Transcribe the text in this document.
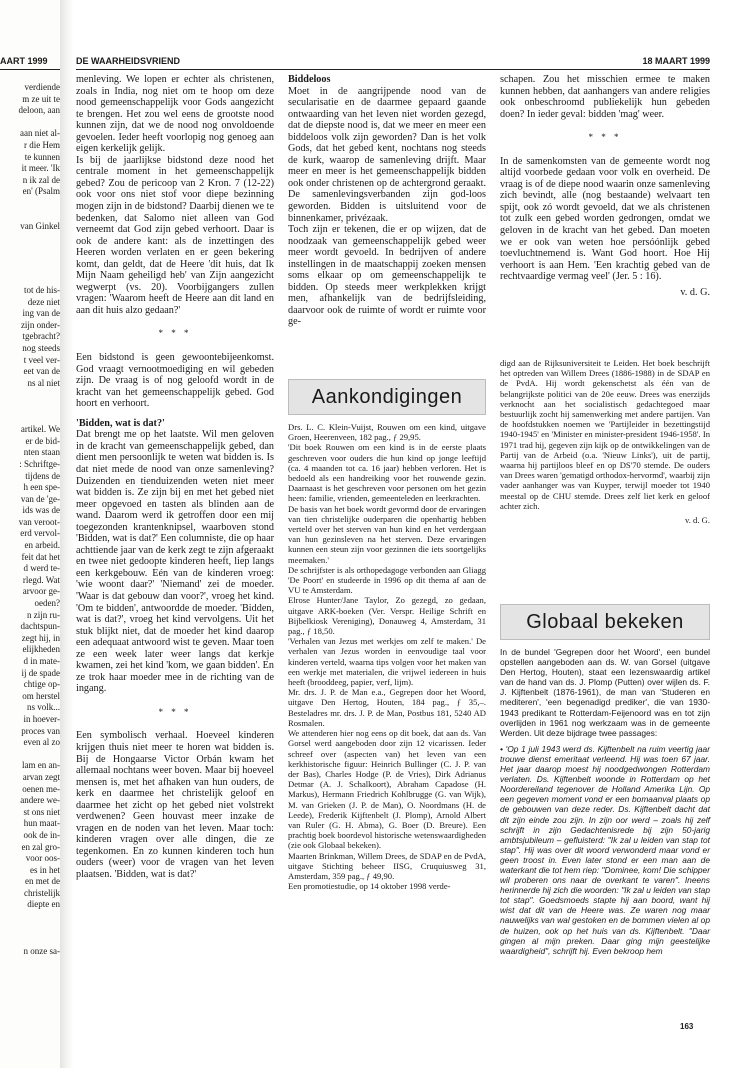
AART 1999
verdiende
m ze uit te
deloon, aan

aan niet al-
r die Hem
te kunnen
it meer. 'Ik
n ik zal de
en' (Psalm

van Ginkel
tot de his-
deze niet
ing van de
zijn onder-
tgebracht?
nog steeds
t veel ver-
eet van de
ns al niet

artikel. We
er de bid-
nten staan
: Schriftge-
tijdens de
h een spe-
van de 'ge-
ids was de
van veroot-
erd vervol-
en arbeid.
feit dat het
d werd te-
rlegd. Wat
arvoor ge-
oeden?
n zijn ru-
dachtspun-
zegt hij, in
elijkheden
d in mate-
ij de spade
chtige op-
om herstel
ns volk...
in hoever-
proces van
even al zo

lam en an-
arvan zegt
oenen me-
andere we-
st ons niet
hun maat-
ook de in-
en zal gro-
voor oos-
es in het
en met de
christelijk
diepte en

n onze sa-
DE WAARHEIDSVRIEND	18 MAART 1999

menleving. We lopen er echter als christenen, zoals in India, nog niet om te hoop om deze nood gemeenschappelijk voor Gods aangezicht te brengen. Het zou wel eens de grootste nood kunnen zijn, dat we de nood nog onvoldoende gevoelen. Ieder heeft voorlopig nog genoeg aan eigen kerkelijk gelijk.

Is bij de jaarlijkse bidstond deze nood het centrale moment in het gemeenschappelijk gebed? Zou de pericoop van 2 Kron. 7 (12-22) ook voor ons niet stof voor diepe bezinning mogen zijn in de bidstond? Daarbij dienen we te bedenken, dat Salomo niet alleen van God verneemt dat God zijn gebed verhoort. Daar is ook de andere kant: als de inzettingen des Heeren worden verlaten en er geen bekering komt, dan geldt, dat de Heere 'dit huis, dat Ik Mijn Naam geheiligd heb' van Zijn aangezicht wegwerpt (vs. 20). Voorbijgangers zullen vragen: 'Waarom heeft de Heere aan dit land en aan dit huis alzo gedaan?'

* * *

Een bidstond is geen gewoontebijeenkomst. God vraagt vernootmoediging en wil gebeden zijn. De vraag is of nog geloofd wordt in de kracht van het gemeenschappelijk gebed. God hoort en verhoort.

'Bidden, wat is dat?'

Dat brengt me op het laatste. Wil men geloven in de kracht van gemeenschappelijk gebed, dan dient men persoonlijk te weten wat bidden is. Is dat niet mede de nood van onze samenleving? Duizenden en tienduizenden weten niet meer wat bidden is. Ze zijn bij en met het gebed niet meer opgevoed en tasten als blinden aan de wand. Daarom werd ik getroffen door een mij toegezonden krantenknipsel, waarboven stond 'Bidden, wat is dat?' Een columniste, die op haar achttiende jaar van de kerk zegt te zijn afgeraakt en twee niet gedoopte kinderen heeft, liep langs een kerkgebouw. Eén van de kinderen vroeg: 'wie woont daar?' 'Niemand' zei de moeder. 'Waar is dat gebouw dan voor?', vroeg het kind. 'Om te bidden', antwoordde de moeder. 'Bidden, wat is dat?', vroeg het kind vervolgens. Uit het stuk blijkt niet, dat de moeder het kind daarop een adequaat antwoord wist te geven. Maar toen ze een week later weer langs dat kerkje kwamen, zei het kind 'kom, we gaan bidden'. En ze trok haar moeder mee in de richting van de ingang.

* * *

Een symbolisch verhaal. Hoeveel kinderen krijgen thuis niet meer te horen wat bidden is. Bij de Hongaarse Victor Orbán kwam het allemaal nochtans weer boven. Maar bij hoeveel mensen is, met het afhaken van hun ouders, de kerk en daarmee het christelijk geloof en daarmee het zicht op het gebed niet volstrekt verdwenen? Geen houvast meer inzake de vragen en de noden van het leven. Maar toch: kinderen vragen over alle dingen, die ze tegenkomen. En zo kunnen kinderen toch hun ouders (weer) voor de vragen van het leven plaatsen. 'Bidden, wat is dat?'

Biddeloos

Moet in de aangrijpende nood van de secularisatie en de daarmee gepaard gaande ontwaarding van het leven niet worden gezegd, dat de diepste nood is, dat we meer en meer een biddeloos volk zijn geworden? Dan is het volk Gods, dat het gebed kent, nochtans nog steeds de kurk, waarop de samenleving drijft. Maar meer en meer is het gemeenschappelijk bidden ook onder christenen op de achtergrond geraakt. De samenlevingsverbanden zijn god-loos geworden. Bidden is uitsluitend voor de binnenkamer, privézaak.

Toch zijn er tekenen, die er op wijzen, dat de noodzaak van gemeenschappelijk gebed weer meer wordt gevoeld. In bedrijven of andere instellingen in de maatschappij zoeken mensen soms elkaar op om gemeenschappelijk te bidden. Op steeds meer werkplekken krijgt men, afhankelijk van de bedrijfsleiding, daarvoor ook de ruimte of wordt er ruimte voor ge-

Aankondigingen

Drs. L. C. Klein-Vuijst, Rouwen om een kind, uitgave Groen, Heerenveen, 182 pag., ƒ 29,95.

'Dit boek Rouwen om een kind is in de eerste plaats geschreven voor ouders die hun kind op jonge leeftijd (ca. 4 maanden tot ca. 16 jaar) hebben verloren. Het is bedoeld als een handreiking voor het rouwende gezin. Daarnaast is het geschreven voor personen om het gezin heen: familie, vrienden, gemeenteleden en leerkrachten.

De basis van het boek wordt gevormd door de ervaringen van tien christelijke ouderparen die openhartig hebben verteld over het sterven van hun kind en het verdergaan van hun gezinsleven na het sterven. Deze ervaringen kunnen een steun zijn voor gezinnen die iets soortgelijks meemaken.'

De schrijfster is als orthopedagoge verbonden aan Gliagg 'De Poort' en studeerde in 1996 op dit thema af aan de VU te Amsterdam.

Elrose Hunter/Jane Taylor, Zo gezegd, zo gedaan, uitgave ARK-boeken (Ver. Verspr. Heilige Schrift en Bijbelkiosk Vereniging), Donauweg 4, Amsterdam, 31 pag., ƒ 18,50.

'Verhalen van Jezus met werkjes om zelf te maken.' De verhalen van Jezus worden in eenvoudige taal voor kinderen verteld, waarna tips volgen voor het maken van een werkje met materialen, die vrijwel iedereen in huis heeft (brooddeeg, papier, verf, lijm).

Mr. drs. J. P. de Man e.a., Gegrepen door het Woord, uitgave Den Hertog, Houten, 184 pag., ƒ 35,–. Besteladres mr. drs. J. P. de Man, Postbus 181, 5240 AD Rosmalen.

We attenderen hier nog eens op dit boek, dat aan ds. Van Gorsel werd aangeboden door zijn 12 vicarissen. Ieder schreef over (aspecten van) het leven van een kerkhistorische figuur: Heinrich Bullinger (C. J. P. van der Bas), Charles Hodge (P. de Vries), Dirk Adrianus Detmar (A. J. Schalkoort), Abraham Capadose (H. Markus), Hermann Friedrich Kohlbrugge (G. van Wijk), M. van Grieken (J. P. de Man), O. Noordmans (H. de Leede), Frederik Kijftenbelt (J. Plomp), Arnold Albert van Ruler (G. H. Abma), G. Boer (D. Breure). Een prachtig boek boordevol historische wetenswaardigheden (zie ook Globaal bekeken).

Maarten Brinkman, Willem Drees, de SDAP en de PvdA, uitgave Stichting beheer IISG, Cruquiusweg 31, Amsterdam, 359 pag., ƒ 49,90.

Een promotiestudie, op 14 oktober 1998 verde-

schapen. Zou het misschien ermee te maken kunnen hebben, dat aanhangers van andere religies ook onbeschroomd publiekelijk hun gebeden doen? In ieder geval: bidden 'mag' weer.

* * *

In de samenkomsten van de gemeente wordt nog altijd voorbede gedaan voor volk en overheid. De vraag is of de diepe nood waarin onze samenleving zich bevindt, alle (nog bestaande) welvaart ten spijt, ook zó wordt gevoeld, dat we als christenen tot zulk een gebed worden gedrongen, omdat we geloven in de kracht van het gebed. Dan moeten we er ook van weten hoe persóónlijk gebed toevluchtnemend is. Want God hoort. Hoe Hij verhoort is aan Hem. 'Een krachtig gebed van de rechtvaardige vermag veel' (Jer. 5 : 16).

v. d. G.

digd aan de Rijksuniversiteit te Leiden. Het boek beschrijft het optreden van Willem Drees (1886-1988) in de SDAP en de PvdA. Hij wordt gekenschetst als één van de belangrijkste politici van de 20e eeuw. Drees was enerzijds verknocht aan het socialistisch gedachtegoed maar bestuurlijk zocht hij samenwerking met andere partijen. Van de hoofdstukken noemen we 'Partijleider in bezettingstijd 1940-1945' en 'Minister en minister-president 1946-1958'. In 1971 trad hij, gegeven zijn kijk op de ontwikkelingen van de Partij van de Arbeid (o.a. 'Nieuw Links'), uit de partij, waarna hij partijloos bleef en op DS'70 stemde. De ouders van Drees waren 'gematigd orthodox-hervormd', waarbij zijn vader aanhanger was van Kuyper, terwijl moeder tot 1940 meestal op de CHU stemde. Drees zelf liet kerk en geloof achter zich.

v. d. G.
Globaal bekeken

In de bundel 'Gegrepen door het Woord', een bundel opstellen aangeboden aan ds. W. van Gorsel (uitgave Den Hertog, Houten), staat een lezenswaardig artikel van de hand van ds. J. Plomp (Putten) over wijlen ds. F. J. Kijftenbelt (1876-1961), de man van 'Studeren en mediteren', 'een begenadigd prediker', die van 1930-1943 predikant te Rotterdam-Feijenoord was en tot zijn overlijden in 1961 nog werkzaam was in de gemeente Werden. Uit deze bijdrage twee passages:

• 'Op 1 juli 1943 werd ds. Kijftenbelt na ruim veertig jaar trouwe dienst emeritaat verleend. Hij was toen 67 jaar. Het jaar daarop moest hij noodgedwongen Rotterdam verlaten. Ds. Kijftenbelt woonde in Rotterdam op het Noordereiland tegenover de Holland Amerika Lijn. Op een gegeven moment vond er een bomaanval plaats op de gebouwen van deze reder. Ds. Kijftenbelt dacht dat dit zijn einde zou zijn. In zijn oor werd – zoals hij zelf schrijft in zijn Gedachtenisrede bij zijn 50-jarig ambtsjubileum – gefluisterd: "Ik zal u leiden van stap tot stap". Hij was over dit woord verwonderd maar vond er geen troost in. Even later stond er een man aan de waterkant die tot hem riep: "Dominee, kom! Die schipper wil proberen ons naar de overkant te varen". Ineens herinnerde hij zich die woorden: "Ik zal u leiden van stap tot stap". Goedsmoeds stapte hij aan boord, want hij wist dat dit van de Heere was. Ze waren nog maar nauwelijks van wal gestoken en de bommen vielen al op de huizen, ook op het huis van ds. Kijftenbelt. "Daar gingen al mijn preken. Daar ging mijn geestelijke waardigheid", schrijft hij. Even bekroop hem

163
